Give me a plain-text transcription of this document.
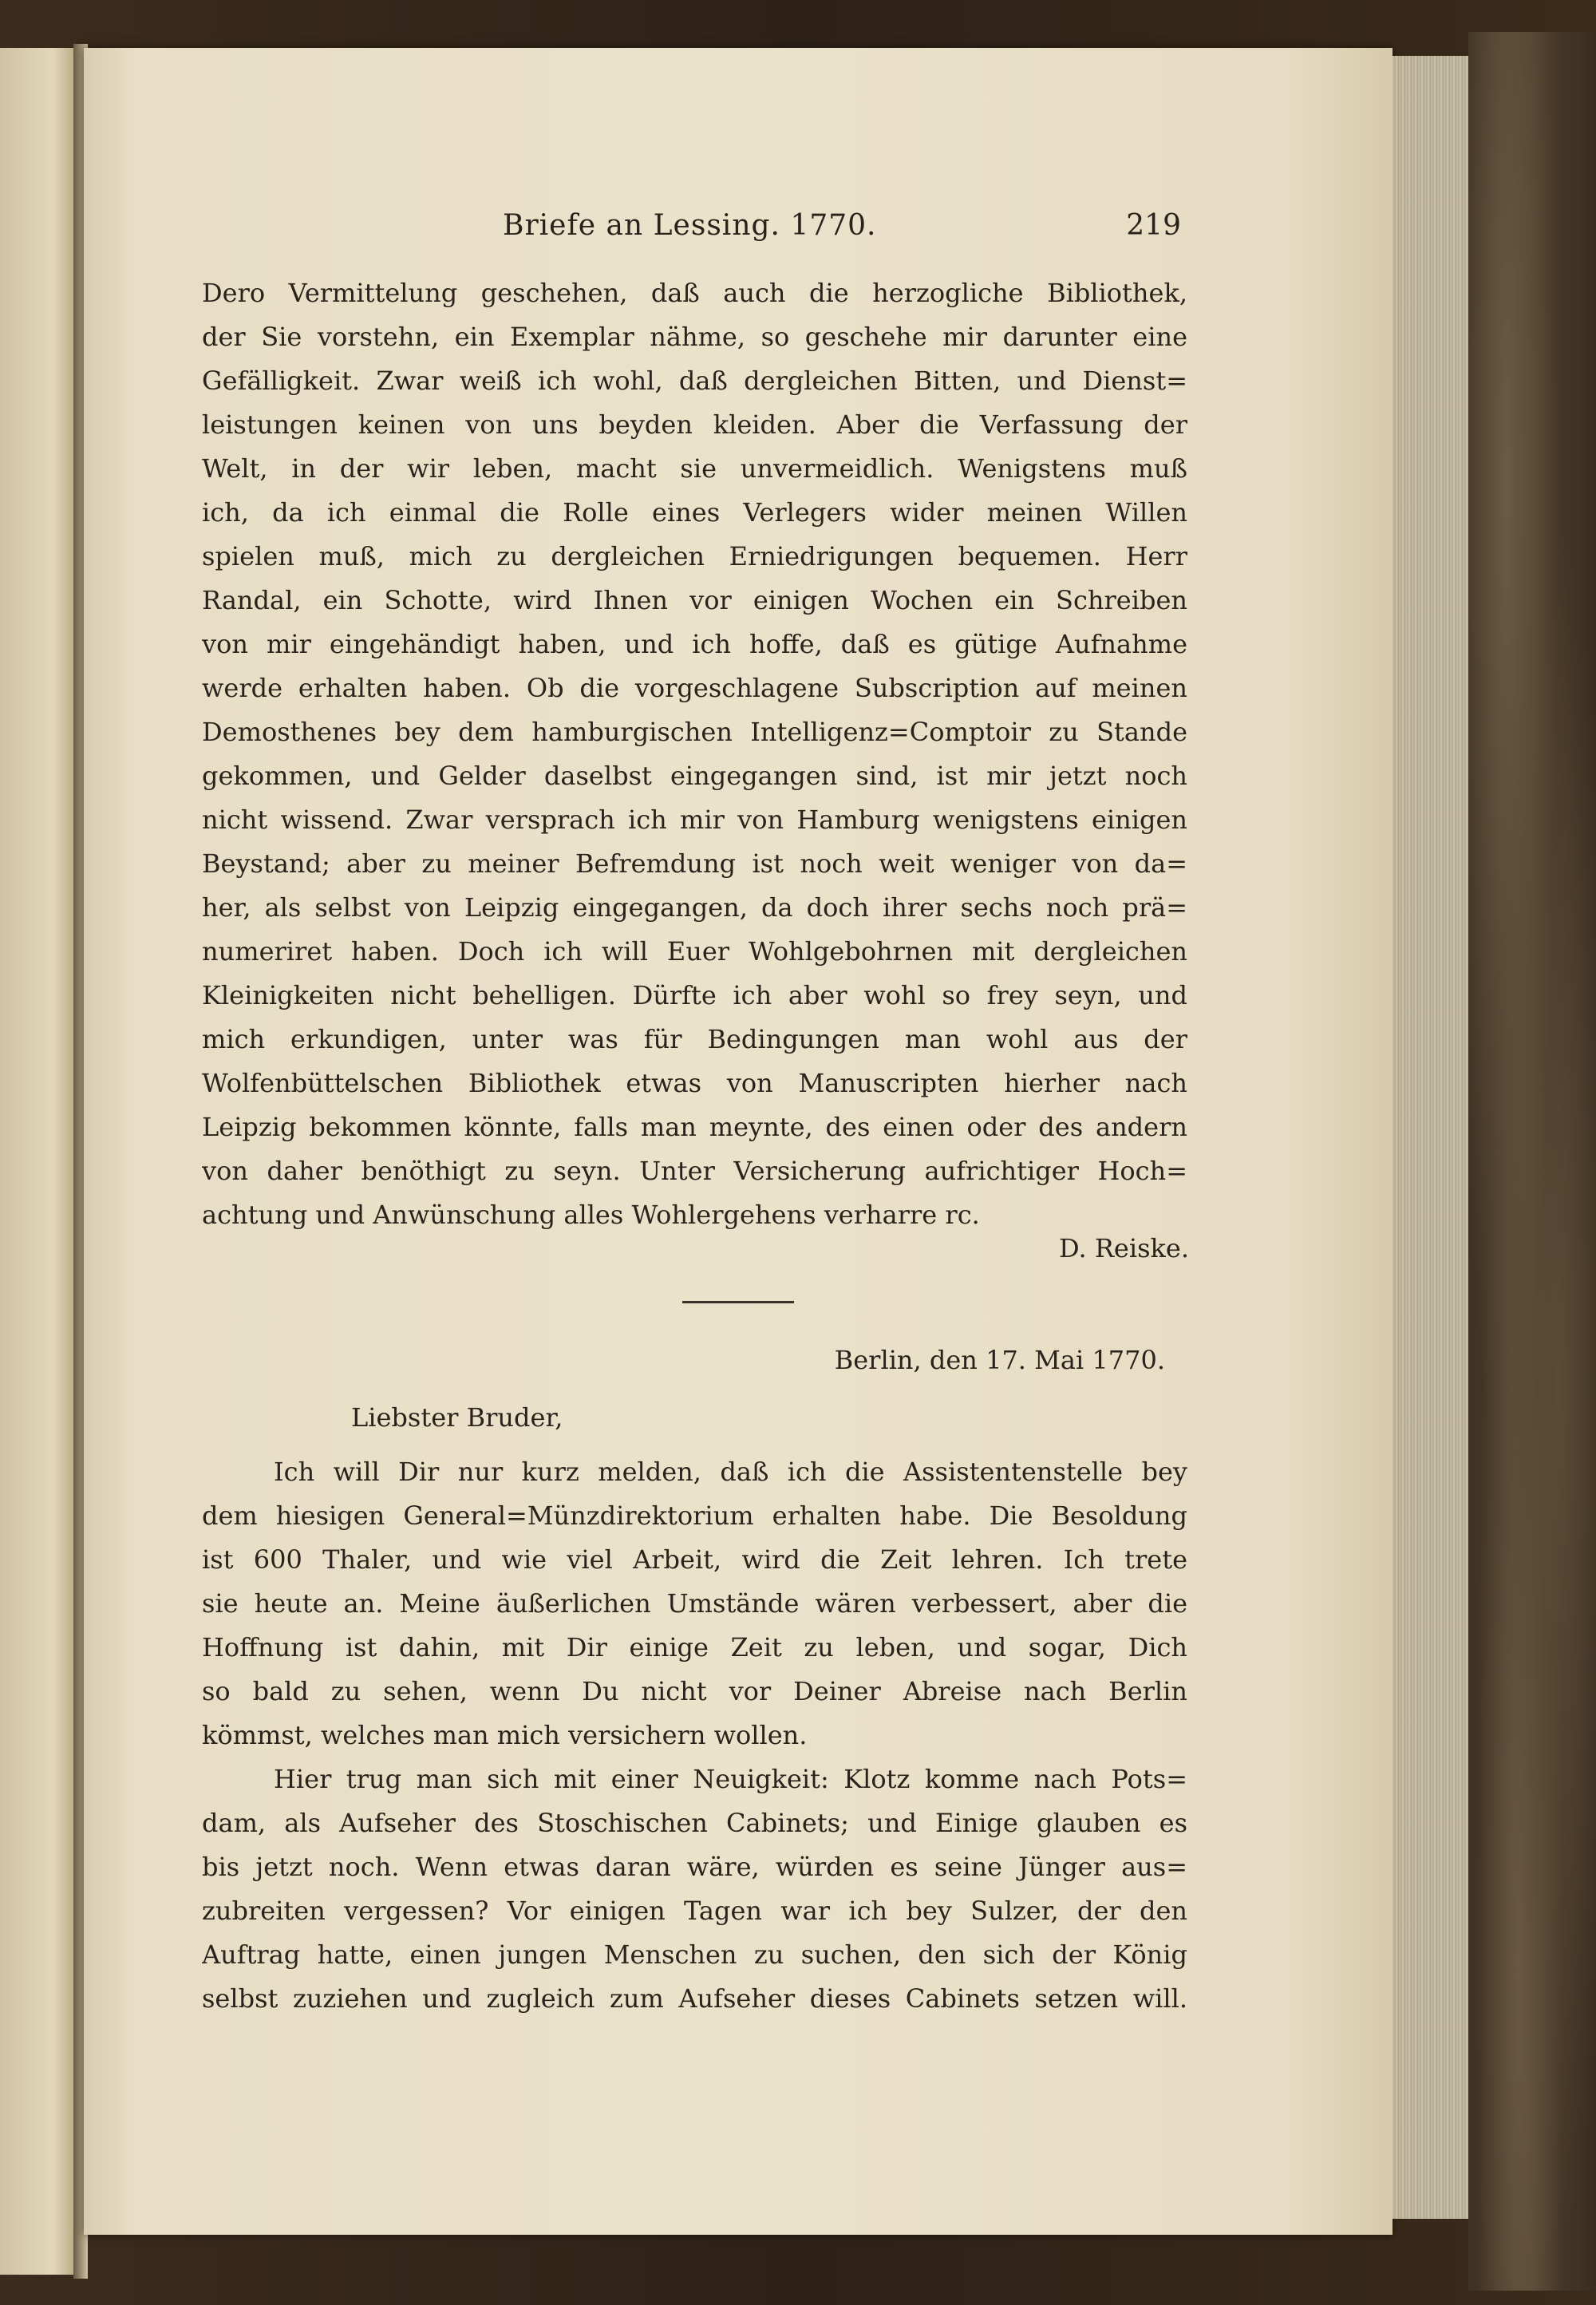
Briefe an Lessing. 1770.	219
Dero Vermittelung geschehen, daß auch die herzogliche Bibliothek,
der Sie vorstehn, ein Exemplar nähme, so geschehe mir darunter eine
Gefälligkeit. Zwar weiß ich wohl, daß dergleichen Bitten, und Dienst=
leistungen keinen von uns beyden kleiden. Aber die Verfassung der
Welt, in der wir leben, macht sie unvermeidlich. Wenigstens muß
ich, da ich einmal die Rolle eines Verlegers wider meinen Willen
spielen muß, mich zu dergleichen Erniedrigungen bequemen. Herr
Randal, ein Schotte, wird Ihnen vor einigen Wochen ein Schreiben
von mir eingehändigt haben, und ich hoffe, daß es gütige Aufnahme
werde erhalten haben. Ob die vorgeschlagene Subscription auf meinen
Demosthenes bey dem hamburgischen Intelligenz=Comptoir zu Stande
gekommen, und Gelder daselbst eingegangen sind, ist mir jetzt noch
nicht wissend. Zwar versprach ich mir von Hamburg wenigstens einigen
Beystand; aber zu meiner Befremdung ist noch weit weniger von da=
her, als selbst von Leipzig eingegangen, da doch ihrer sechs noch prä=
numeriret haben. Doch ich will Euer Wohlgebohrnen mit dergleichen
Kleinigkeiten nicht behelligen. Dürfte ich aber wohl so frey seyn, und
mich erkundigen, unter was für Bedingungen man wohl aus der
Wolfenbüttelschen Bibliothek etwas von Manuscripten hierher nach
Leipzig bekommen könnte, falls man meynte, des einen oder des andern
von daher benöthigt zu seyn. Unter Versicherung aufrichtiger Hoch=
achtung und Anwünschung alles Wohlergehens verharre rc.
D. Reiske.
Berlin, den 17. Mai 1770.
Liebster Bruder,
Ich will Dir nur kurz melden, daß ich die Assistentenstelle bey
dem hiesigen General=Münzdirektorium erhalten habe. Die Besoldung
ist 600 Thaler, und wie viel Arbeit, wird die Zeit lehren. Ich trete
sie heute an. Meine äußerlichen Umstände wären verbessert, aber die
Hoffnung ist dahin, mit Dir einige Zeit zu leben, und sogar, Dich
so bald zu sehen, wenn Du nicht vor Deiner Abreise nach Berlin
kömmst, welches man mich versichern wollen.
Hier trug man sich mit einer Neuigkeit: Klotz komme nach Pots=
dam, als Aufseher des Stoschischen Cabinets; und Einige glauben es
bis jetzt noch. Wenn etwas daran wäre, würden es seine Jünger aus=
zubreiten vergessen? Vor einigen Tagen war ich bey Sulzer, der den
Auftrag hatte, einen jungen Menschen zu suchen, den sich der König
selbst zuziehen und zugleich zum Aufseher dieses Cabinets setzen will.
